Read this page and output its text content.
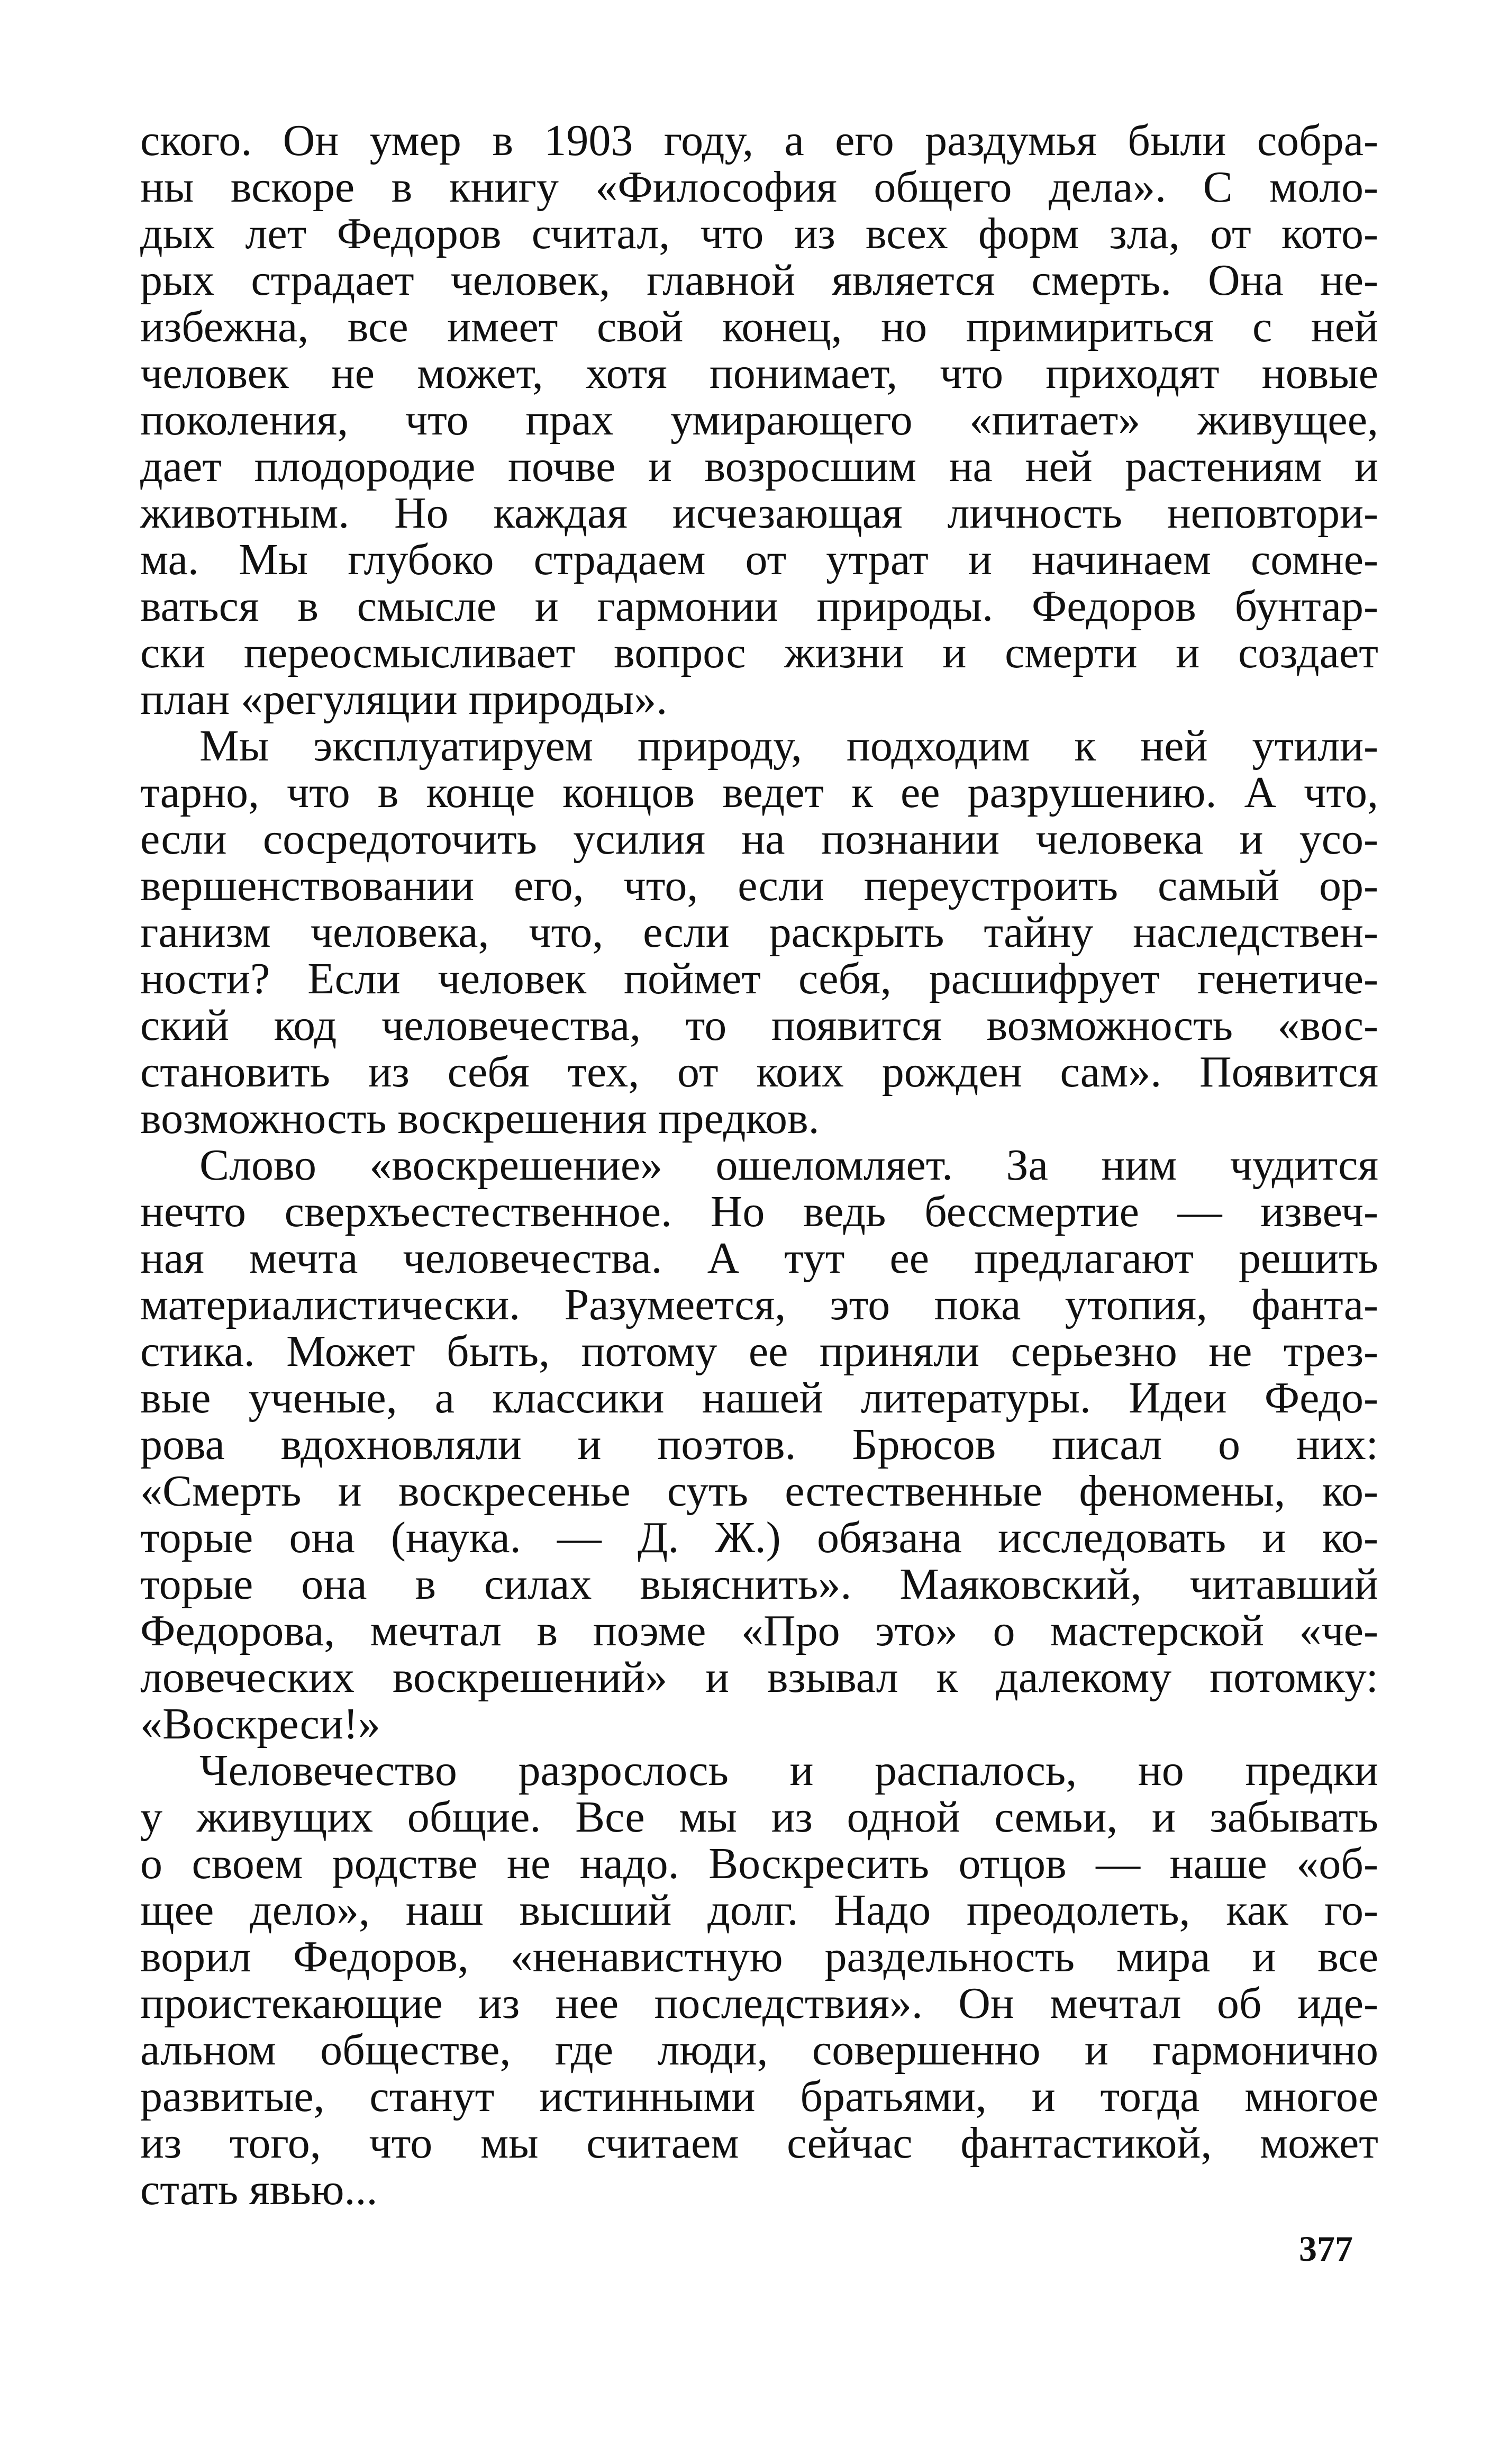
ского. Он умер в 1903 году, а его раздумья были собра-
ны вскоре в книгу «Философия общего дела». С моло-
дых лет Федоров считал, что из всех форм зла, от кото-
рых страдает человек, главной является смерть. Она не-
избежна, все имеет свой конец, но примириться с ней
человек не может, хотя понимает, что приходят новые
поколения, что прах умирающего «питает» живущее,
дает плодородие почве и возросшим на ней растениям и
животным. Но каждая исчезающая личность неповтори-
ма. Мы глубоко страдаем от утрат и начинаем сомне-
ваться в смысле и гармонии природы. Федоров бунтар-
ски переосмысливает вопрос жизни и смерти и создает
план «регуляции природы».
Мы эксплуатируем природу, подходим к ней утили-
тарно, что в конце концов ведет к ее разрушению. А что,
если сосредоточить усилия на познании человека и усо-
вершенствовании его, что, если переустроить самый ор-
ганизм человека, что, если раскрыть тайну наследствен-
ности? Если человек поймет себя, расшифрует генетиче-
ский код человечества, то появится возможность «вос-
становить из себя тех, от коих рожден сам». Появится
возможность воскрешения предков.
Слово «воскрешение» ошеломляет. За ним чудится
нечто сверхъестественное. Но ведь бессмертие — извеч-
ная мечта человечества. А тут ее предлагают решить
материалистически. Разумеется, это пока утопия, фанта-
стика. Может быть, потому ее приняли серьезно не трез-
вые ученые, а классики нашей литературы. Идеи Федо-
рова вдохновляли и поэтов. Брюсов писал о них:
«Смерть и воскресенье суть естественные феномены, ко-
торые она (наука. — Д. Ж.) обязана исследовать и ко-
торые она в силах выяснить». Маяковский, читавший
Федорова, мечтал в поэме «Про это» о мастерской «че-
ловеческих воскрешений» и взывал к далекому потомку:
«Воскреси!»
Человечество разрослось и распалось, но предки
у живущих общие. Все мы из одной семьи, и забывать
о своем родстве не надо. Воскресить отцов — наше «об-
щее дело», наш высший долг. Надо преодолеть, как го-
ворил Федоров, «ненавистную раздельность мира и все
проистекающие из нее последствия». Он мечтал об иде-
альном обществе, где люди, совершенно и гармонично
развитые, станут истинными братьями, и тогда многое
из того, что мы считаем сейчас фантастикой, может
стать явью...
377
